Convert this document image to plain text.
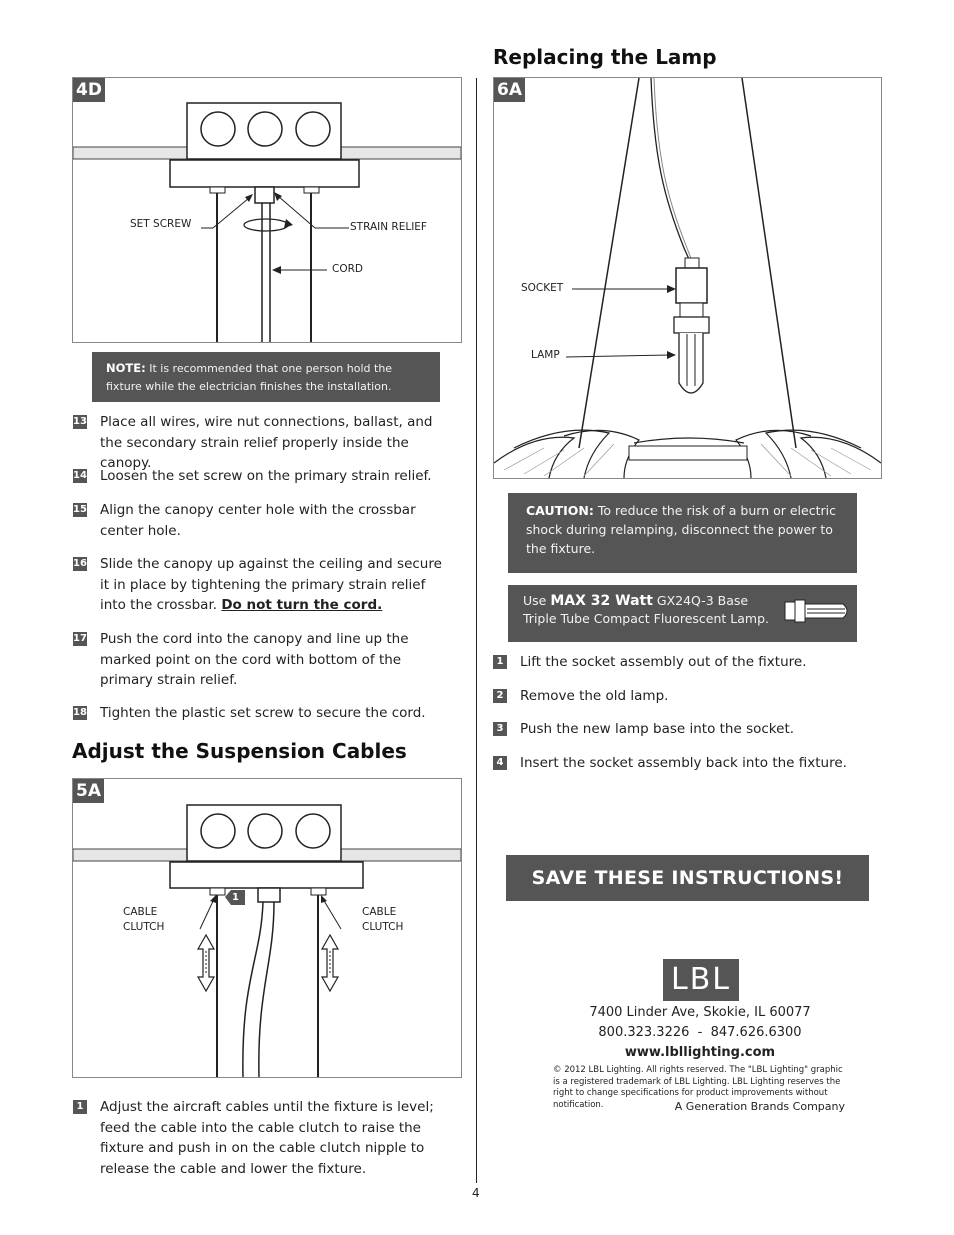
4D
SET SCREW	STRAIN RELIEF
CORD
NOTE: It is recommended that one person hold the fixture while the electrician finishes the installation.
13 Place all wires, wire nut connections, ballast, and the secondary strain relief properly inside the canopy.
14 Loosen the set screw on the primary strain relief.
15 Align the canopy center hole with the crossbar center hole.
16 Slide the canopy up against the ceiling and secure it in place by tightening the primary strain relief into the crossbar. Do not turn the cord.
17 Push the cord into the canopy and line up the marked point on the cord with bottom of the primary strain relief.
18 Tighten the plastic set screw to secure the cord.
Adjust the Suspension Cables
5A
1
CABLE
CLUTCH
CABLE
CLUTCH
1 Adjust the aircraft cables until the fixture is level; feed the cable into the cable clutch to raise the fixture and push in on the cable clutch nipple to release the cable and lower the fixture.
4
Replacing the Lamp
6A
SOCKET
LAMP
CAUTION: To reduce the risk of a burn or electric shock during relamping, disconnect the power to the fixture.
Use MAX 32 Watt GX24Q-3 Base
Triple Tube Compact Fluorescent Lamp.
1 Lift the socket assembly out of the fixture.
2 Remove the old lamp.
3 Push the new lamp base into the socket.
4 Insert the socket assembly back into the fixture.
SAVE THESE INSTRUCTIONS!
LBL
7400 Linder Ave, Skokie, IL 60077
800.323.3226  -  847.626.6300
www.lbllighting.com
© 2012 LBL Lighting. All rights reserved. The "LBL Lighting" graphic is a registered trademark of LBL Lighting. LBL Lighting reserves the right to change specifications for product improvements without notification.	A Generation Brands Company
